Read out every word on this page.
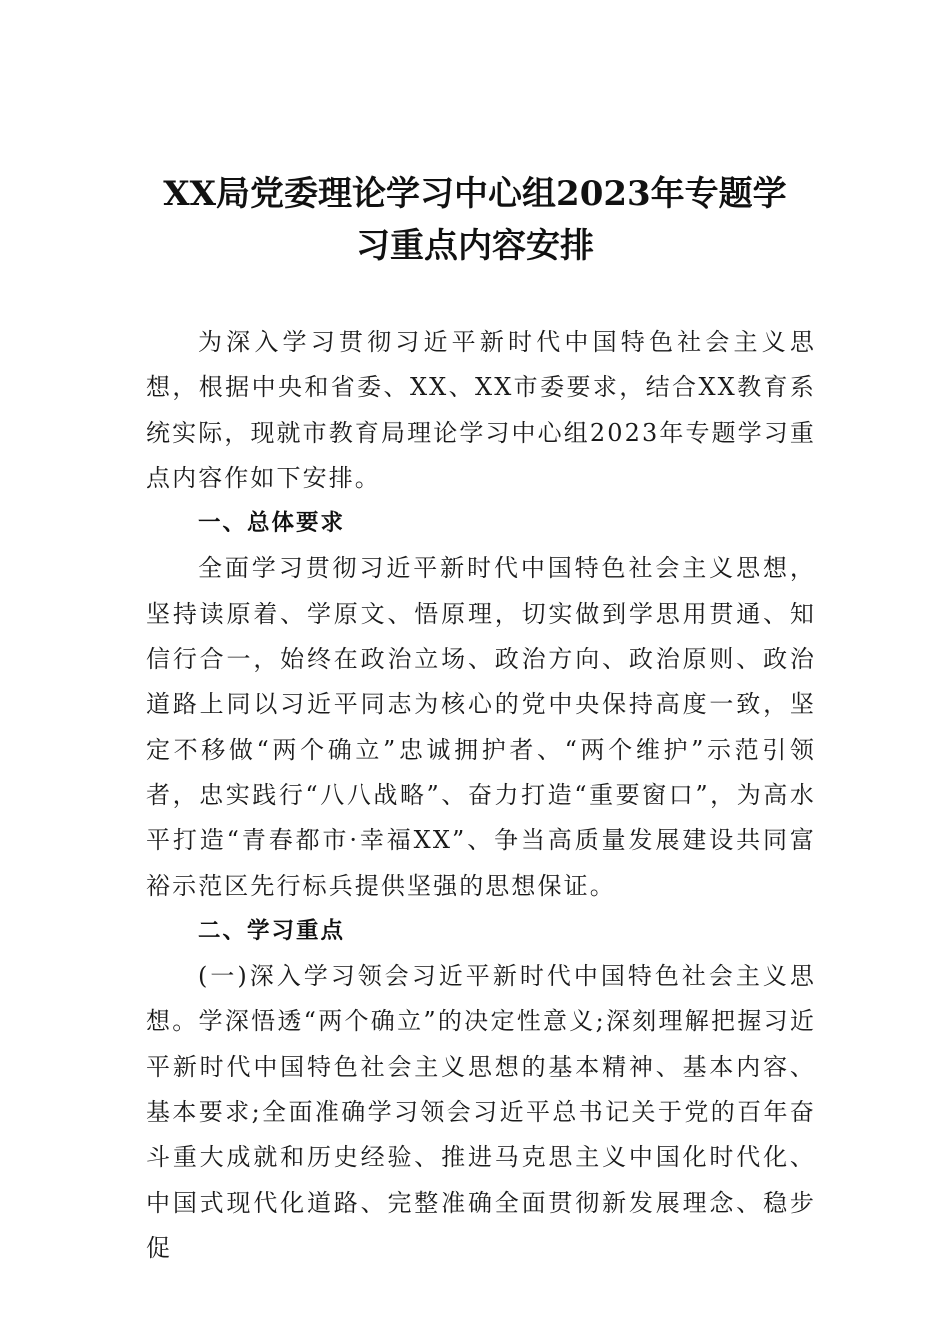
XX局党委理论学习中心组2023年专题学
习重点内容安排

为深入学习贯彻习近平新时代中国特色社会主义思想，根据中央和省委、XX、XX市委要求，结合XX教育系统实际，现就市教育局理论学习中心组2023年专题学习重点内容作如下安排。

一、总体要求

全面学习贯彻习近平新时代中国特色社会主义思想，坚持读原着、学原文、悟原理，切实做到学思用贯通、知信行合一，始终在政治立场、政治方向、政治原则、政治道路上同以习近平同志为核心的党中央保持高度一致，坚定不移做“两个确立”忠诚拥护者、“两个维护”示范引领者，忠实践行“八八战略”、奋力打造“重要窗口”，为高水平打造“青春都市·幸福XX”、争当高质量发展建设共同富裕示范区先行标兵提供坚强的思想保证。

二、学习重点

(一)深入学习领会习近平新时代中国特色社会主义思想。学深悟透“两个确立”的决定性意义;深刻理解把握习近平新时代中国特色社会主义思想的基本精神、基本内容、基本要求;全面准确学习领会习近平总书记关于党的百年奋斗重大成就和历史经验、推进马克思主义中国化时代化、中国式现代化道路、完整准确全面贯彻新发展理念、稳步促
